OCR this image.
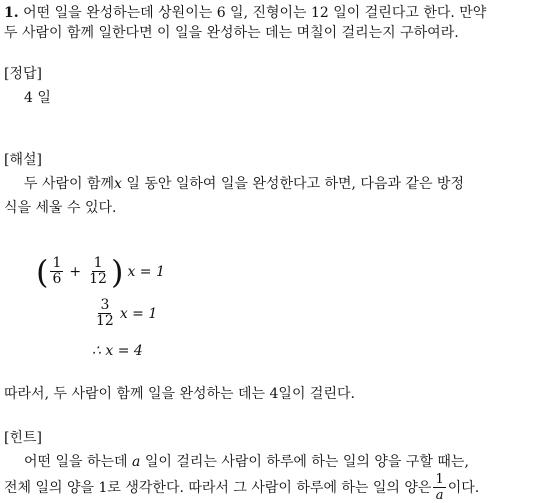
1. 어떤 일을 완성하는데 상원이는 6 일, 진형이는 12 일이 걸린다고 한다. 만약
두 사람이 함께 일한다면 이 일을 완성하는 데는 며칠이 걸리는지 구하여라.
[정답]
4 일
[해설]
두 사람이 함께x 일 동안 일하여 일을 완성한다고 하면, 다음과 같은 방정
식을 세울 수 있다.
( $\frac{1}{6} + \frac{1}{12}$ ) x = 1
$\frac{3}{12}$ x = 1
∴ x = 4
따라서, 두 사람이 함께 일을 완성하는 데는 4일이 걸린다.
[힌트]
어떤 일을 하는데 a 일이 걸리는 사람이 하루에 하는 일의 양을 구할 때는,
전체 일의 양을 1로 생각한다. 따라서 그 사람이 하루에 하는 일의 양은 $\frac{1}{a}$ 이다.
